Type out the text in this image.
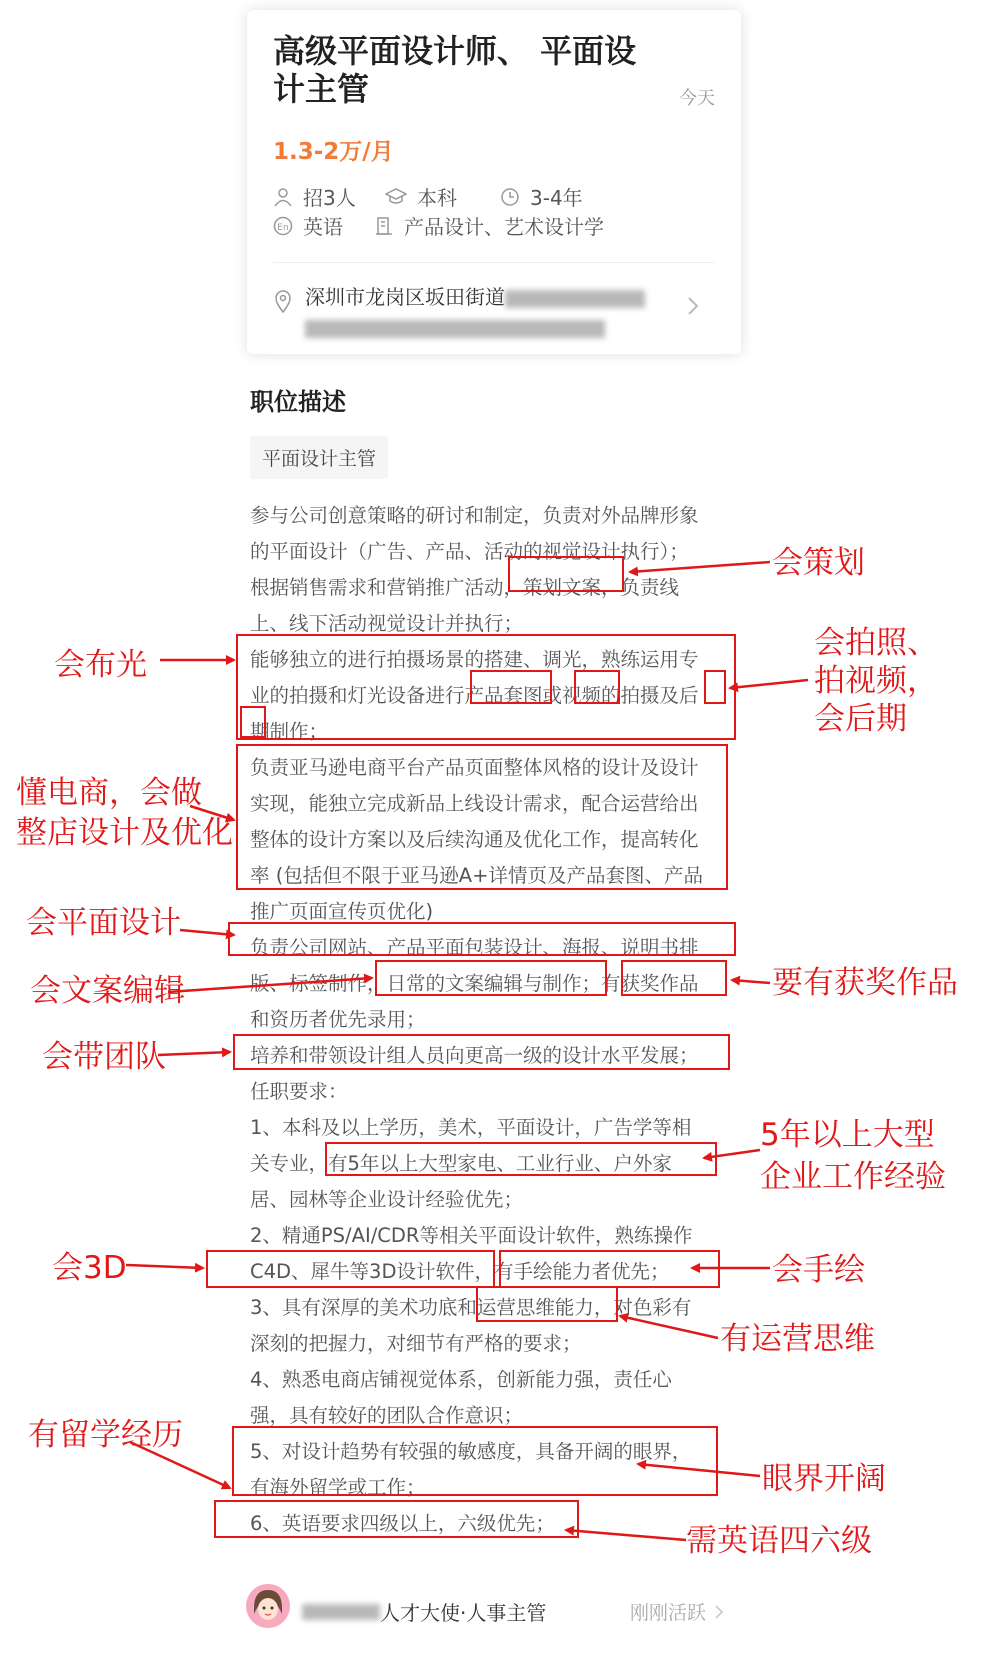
高级平面设计师、 平面设计主管	今天
1.3-2万/月
招3人	本科	3-4年
En 英语	产品设计、艺术设计学
深圳市龙岗区坂田街道

职位描述
平面设计主管
参与公司创意策略的研讨和制定，负责对外品牌形象
的平面设计（广告、产品、活动的视觉设计执行）；
根据销售需求和营销推广活动，策划文案，负责线
上、线下活动视觉设计并执行；
能够独立的进行拍摄场景的搭建、调光，熟练运用专
业的拍摄和灯光设备进行产品套图或视频的拍摄及后
期制作；
负责亚马逊电商平台产品页面整体风格的设计及设计
实现，能独立完成新品上线设计需求，配合运营给出
整体的设计方案以及后续沟通及优化工作，提高转化
率 (包括但不限于亚马逊A+详情页及产品套图、产品
推广页面宣传页优化)
负责公司网站、产品平面包装设计、海报、说明书排
版、标签制作，日常的文案编辑与制作；有获奖作品
和资历者优先录用；
培养和带领设计组人员向更高一级的设计水平发展；
任职要求：
1、本科及以上学历，美术，平面设计，广告学等相
关专业，有5年以上大型家电、工业行业、户外家
居、园林等企业设计经验优先；
2、精通PS/AI/CDR等相关平面设计软件，熟练操作
C4D、犀牛等3D设计软件，有手绘能力者优先；
3、具有深厚的美术功底和运营思维能力，对色彩有
深刻的把握力，对细节有严格的要求；
4、熟悉电商店铺视觉体系，创新能力强，责任心
强，具有较好的团队合作意识；
5、对设计趋势有较强的敏感度，具备开阔的眼界，
有海外留学或工作；
6、英语要求四级以上，六级优先；
会策划
会布光
会拍照、
拍视频，
会后期
懂电商，会做
整店设计及优化
会平面设计
会文案编辑	要有获奖作品
会带团队
5年以上大型
企业工作经验
会3D	会手绘
有运营思维
有留学经历
眼界开阔
需英语四六级
人才大使·人事主管	刚刚活跃
